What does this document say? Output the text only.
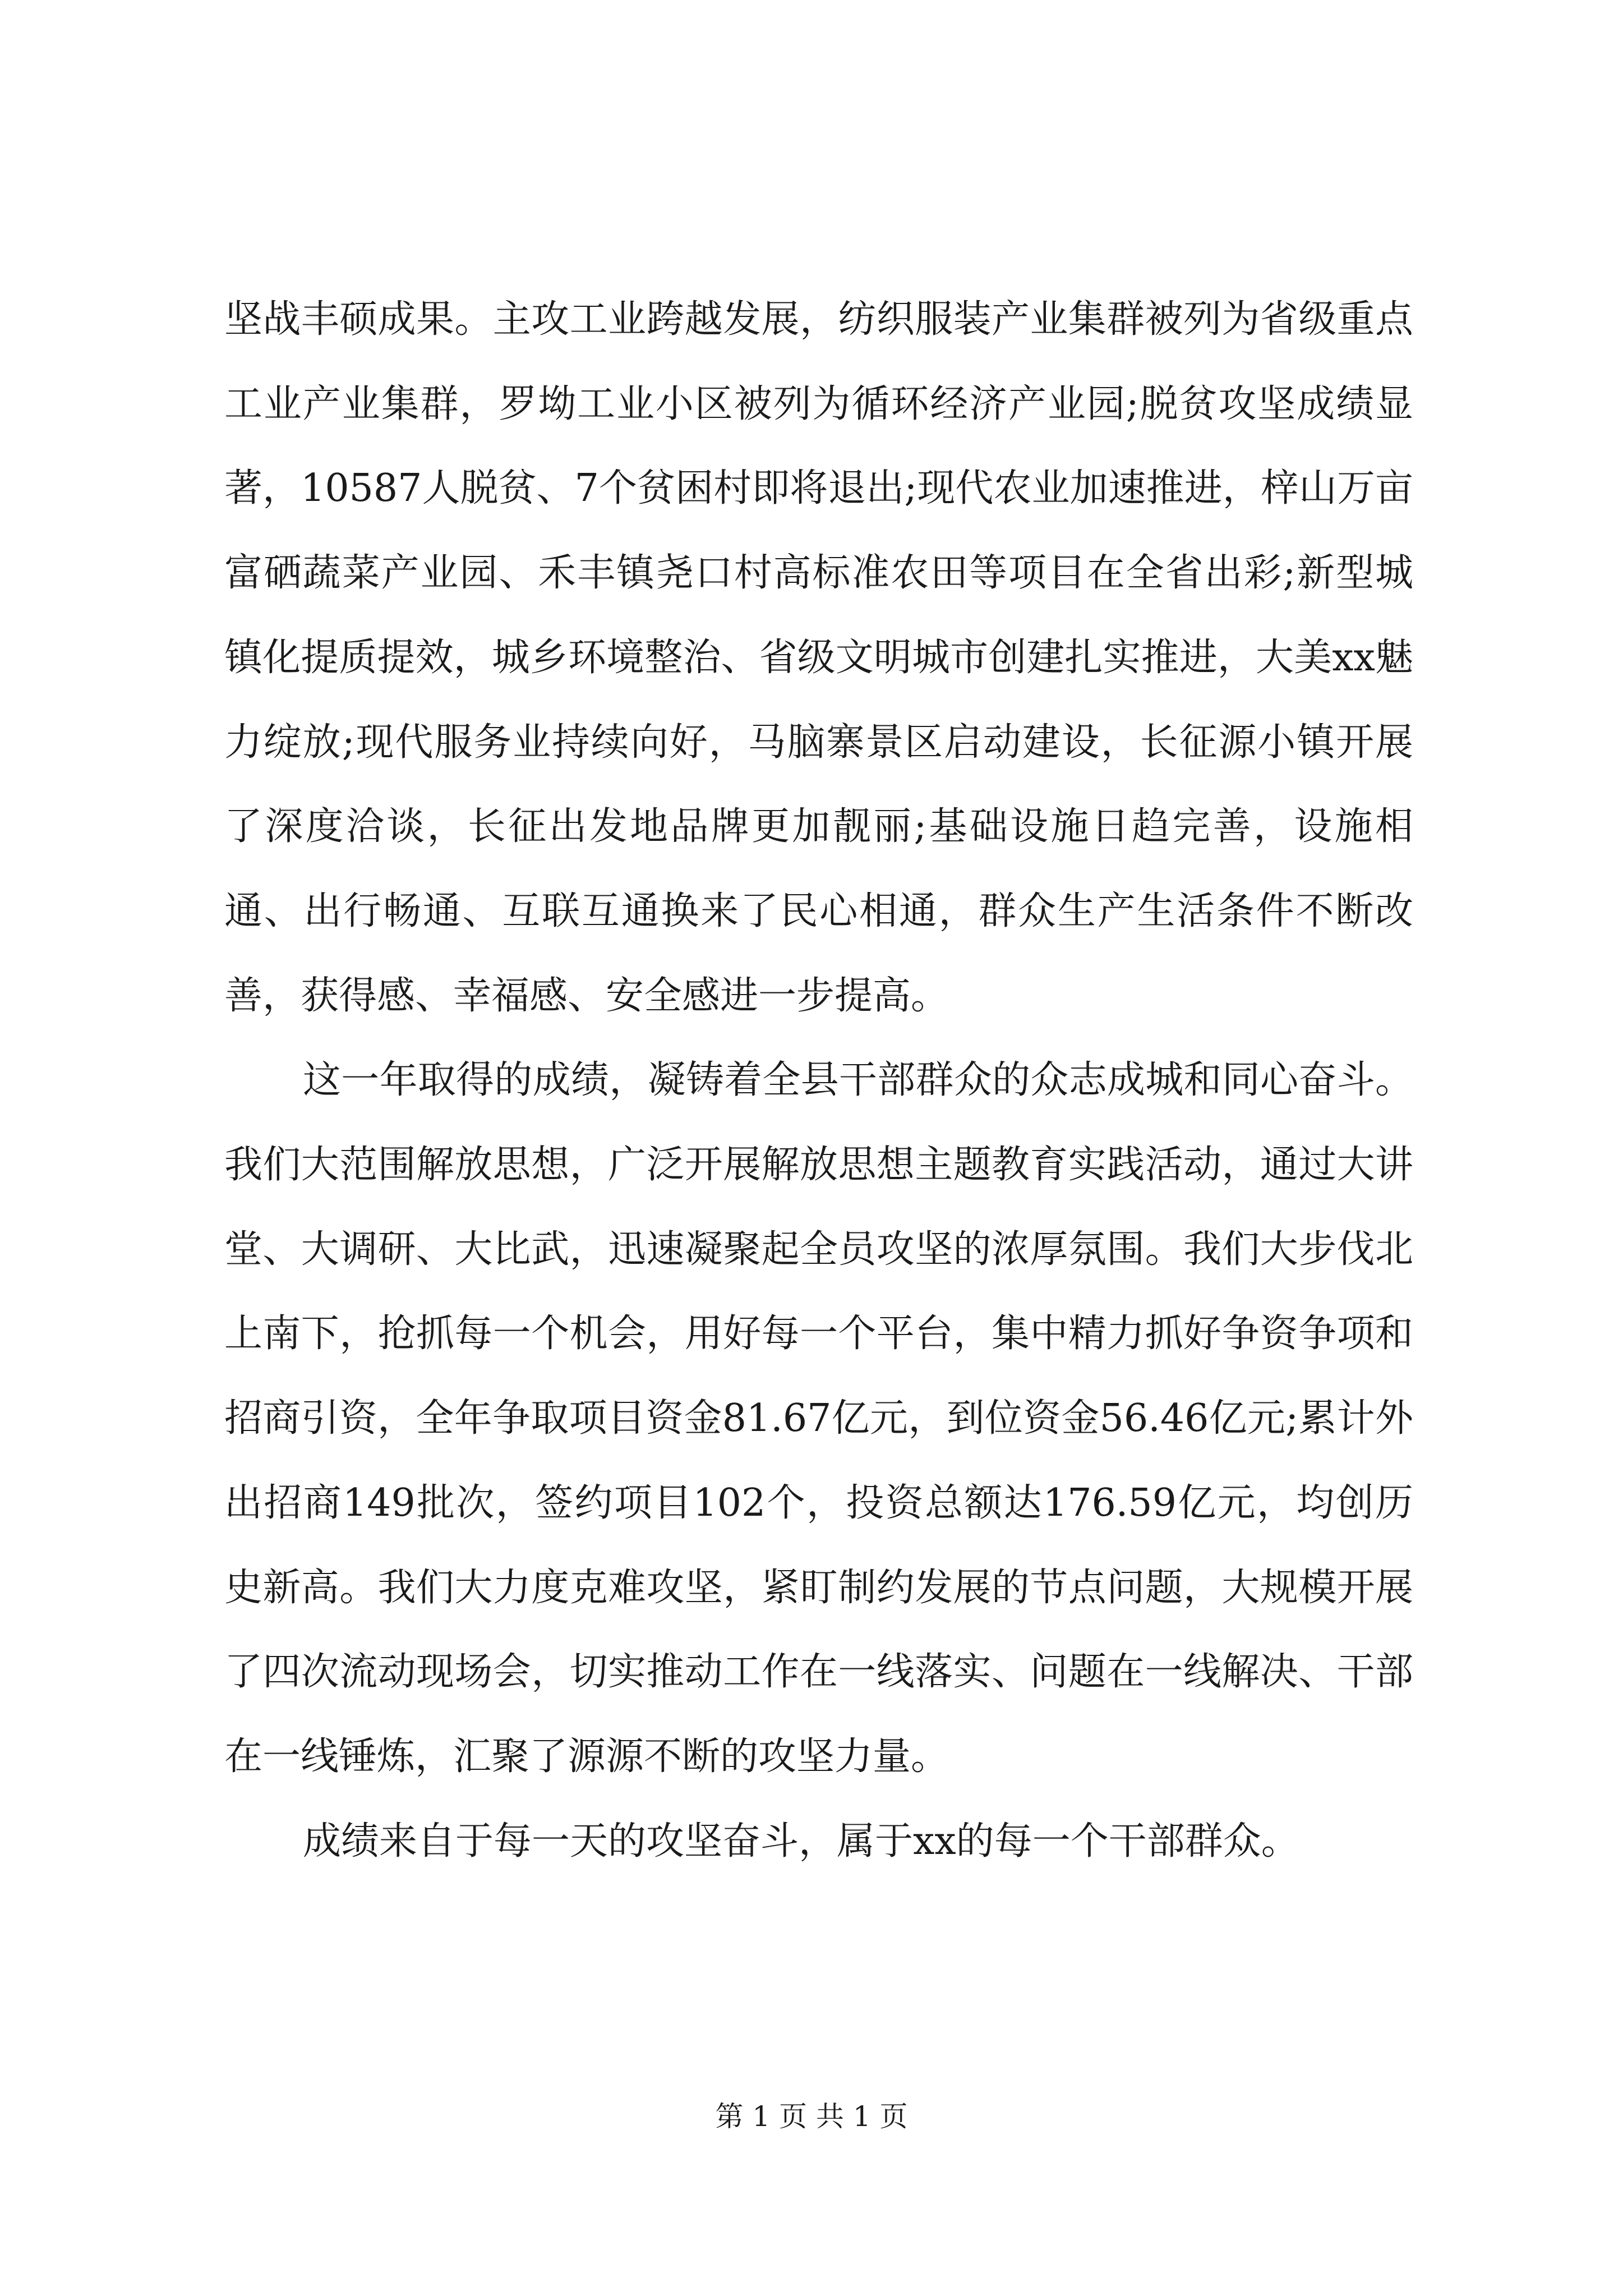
坚战丰硕成果。主攻工业跨越发展，纺织服装产业集群被列为省级重点工业产业集群，罗坳工业小区被列为循环经济产业园;脱贫攻坚成绩显著，10587人脱贫、7个贫困村即将退出;现代农业加速推进，梓山万亩富硒蔬菜产业园、禾丰镇尧口村高标准农田等项目在全省出彩;新型城镇化提质提效，城乡环境整治、省级文明城市创建扎实推进，大美xx魅力绽放;现代服务业持续向好，马脑寨景区启动建设，长征源小镇开展了深度洽谈，长征出发地品牌更加靓丽;基础设施日趋完善，设施相通、出行畅通、互联互通换来了民心相通，群众生产生活条件不断改善，获得感、幸福感、安全感进一步提高。

这一年取得的成绩，凝铸着全县干部群众的众志成城和同心奋斗。我们大范围解放思想，广泛开展解放思想主题教育实践活动，通过大讲堂、大调研、大比武，迅速凝聚起全员攻坚的浓厚氛围。我们大步伐北上南下，抢抓每一个机会，用好每一个平台，集中精力抓好争资争项和招商引资，全年争取项目资金81.67亿元，到位资金56.46亿元;累计外出招商149批次，签约项目102个，投资总额达176.59亿元，均创历史新高。我们大力度克难攻坚，紧盯制约发展的节点问题，大规模开展了四次流动现场会，切实推动工作在一线落实、问题在一线解决、干部在一线锤炼，汇聚了源源不断的攻坚力量。

成绩来自于每一天的攻坚奋斗，属于xx的每一个干部群众。

第 1 页 共 1 页
